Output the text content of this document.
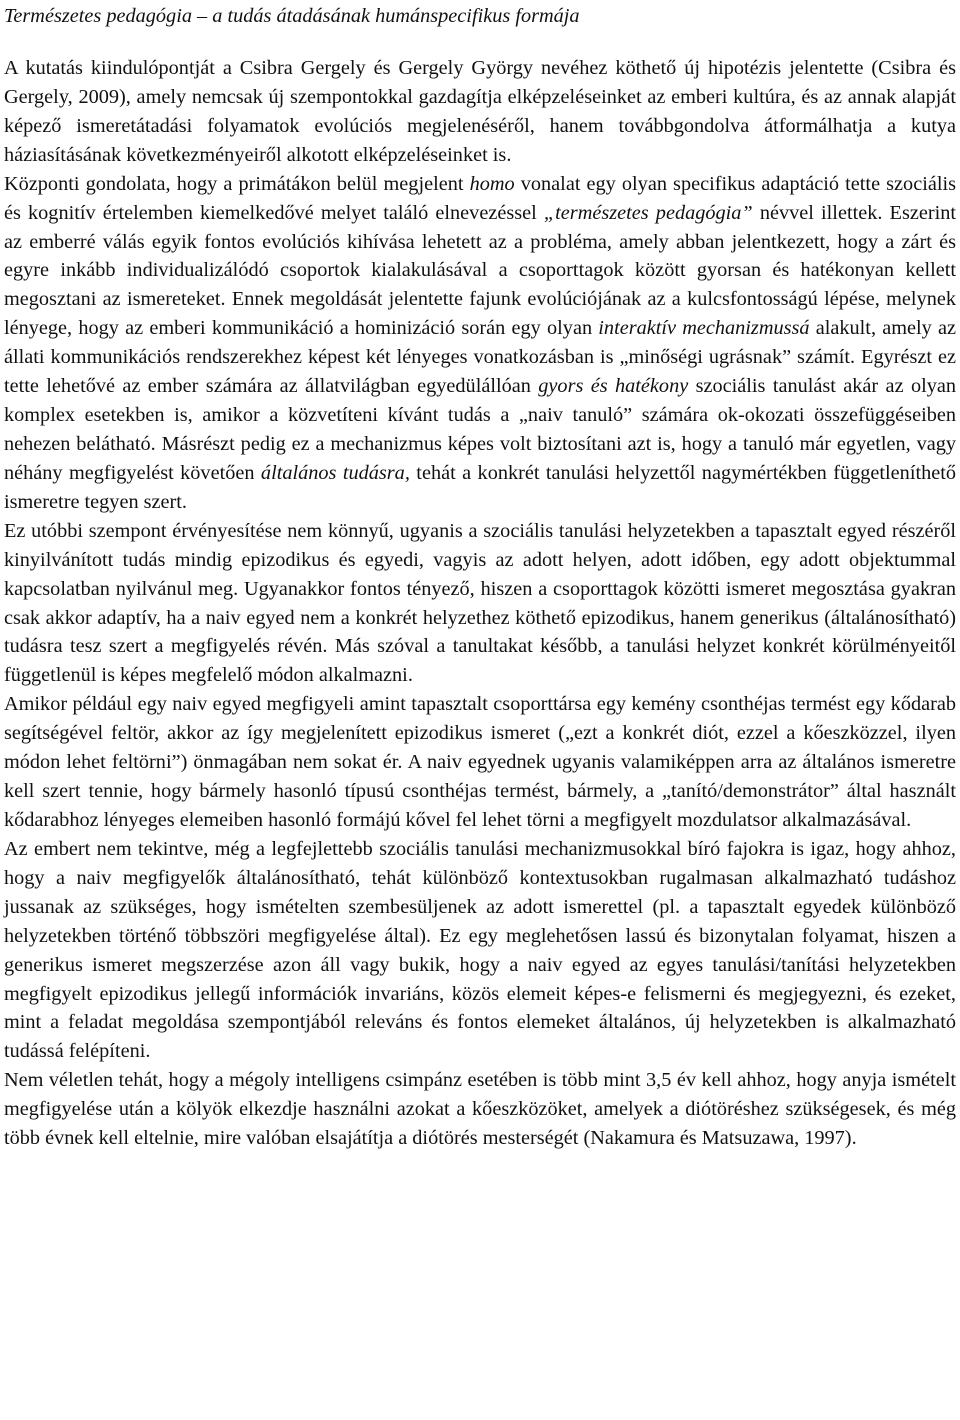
Természetes pedagógia – a tudás átadásának humánspecifikus formája

A kutatás kiindulópontját a Csibra Gergely és Gergely György nevéhez köthető új hipotézis jelentette (Csibra és Gergely, 2009), amely nemcsak új szempontokkal gazdagítja elképzeléseinket az emberi kultúra, és az annak alapját képező ismeretátadási folyamatok evolúciós megjelenéséről, hanem továbbgondolva átformálhatja a kutya háziasításának következményeiről alkotott elképzeléseinket is.

Központi gondolata, hogy a primátákon belül megjelent homo vonalat egy olyan specifikus adaptáció tette szociális és kognitív értelemben kiemelkedővé melyet találó elnevezéssel „természetes pedagógia” névvel illettek. Eszerint az emberré válás egyik fontos evolúciós kihívása lehetett az a probléma, amely abban jelentkezett, hogy a zárt és egyre inkább individualizálódó csoportok kialakulásával a csoporttagok között gyorsan és hatékonyan kellett megosztani az ismereteket. Ennek megoldását jelentette fajunk evolúciójának az a kulcsfontosságú lépése, melynek lényege, hogy az emberi kommunikáció a hominizáció során egy olyan interaktív mechanizmussá alakult, amely az állati kommunikációs rendszerekhez képest két lényeges vonatkozásban is „minőségi ugrásnak” számít. Egyrészt ez tette lehetővé az ember számára az állatvilágban egyedülállóan gyors és hatékony szociális tanulást akár az olyan komplex esetekben is, amikor a közvetíteni kívánt tudás a „naiv tanuló” számára ok-okozati összefüggéseiben nehezen belátható. Másrészt pedig ez a mechanizmus képes volt biztosítani azt is, hogy a tanuló már egyetlen, vagy néhány megfigyelést követően általános tudásra, tehát a konkrét tanulási helyzettől nagymértékben függetleníthető ismeretre tegyen szert.

Ez utóbbi szempont érvényesítése nem könnyű, ugyanis a szociális tanulási helyzetekben a tapasztalt egyed részéről kinyilvánított tudás mindig epizodikus és egyedi, vagyis az adott helyen, adott időben, egy adott objektummal kapcsolatban nyilvánul meg. Ugyanakkor fontos tényező, hiszen a csoporttagok közötti ismeret megosztása gyakran csak akkor adaptív, ha a naiv egyed nem a konkrét helyzethez köthető epizodikus, hanem generikus (általánosítható) tudásra tesz szert a megfigyelés révén. Más szóval a tanultakat később, a tanulási helyzet konkrét körülményeitől függetlenül is képes megfelelő módon alkalmazni.

Amikor például egy naiv egyed megfigyeli amint tapasztalt csoporttársa egy kemény csonthéjas termést egy kődarab segítségével feltör, akkor az így megjelenített epizodikus ismeret („ezt a konkrét diót, ezzel a kőeszközzel, ilyen módon lehet feltörni”) önmagában nem sokat ér. A naiv egyednek ugyanis valamiképpen arra az általános ismeretre kell szert tennie, hogy bármely hasonló típusú csonthéjas termést, bármely, a „tanító/demonstrátor” által használt kődarabhoz lényeges elemeiben hasonló formájú kővel fel lehet törni a megfigyelt mozdulatsor alkalmazásával.

Az embert nem tekintve, még a legfejlettebb szociális tanulási mechanizmusokkal bíró fajokra is igaz, hogy ahhoz, hogy a naiv megfigyelők általánosítható, tehát különböző kontextusokban rugalmasan alkalmazható tudáshoz jussanak az szükséges, hogy ismételten szembesüljenek az adott ismerettel (pl. a tapasztalt egyedek különböző helyzetekben történő többszöri megfigyelése által). Ez egy meglehetősen lassú és bizonytalan folyamat, hiszen a generikus ismeret megszerzése azon áll vagy bukik, hogy a naiv egyed az egyes tanulási/tanítási helyzetekben megfigyelt epizodikus jellegű információk invariáns, közös elemeit képes-e felismerni és megjegyezni, és ezeket, mint a feladat megoldása szempontjából releváns és fontos elemeket általános, új helyzetekben is alkalmazható tudássá felépíteni.

Nem véletlen tehát, hogy a mégoly intelligens csimpánz esetében is több mint 3,5 év kell ahhoz, hogy anyja ismételt megfigyelése után a kölyök elkezdje használni azokat a kőeszközöket, amelyek a diótöréshez szükségesek, és még több évnek kell eltelnie, mire valóban elsajátítja a diótörés mesterségét (Nakamura és Matsuzawa, 1997).
